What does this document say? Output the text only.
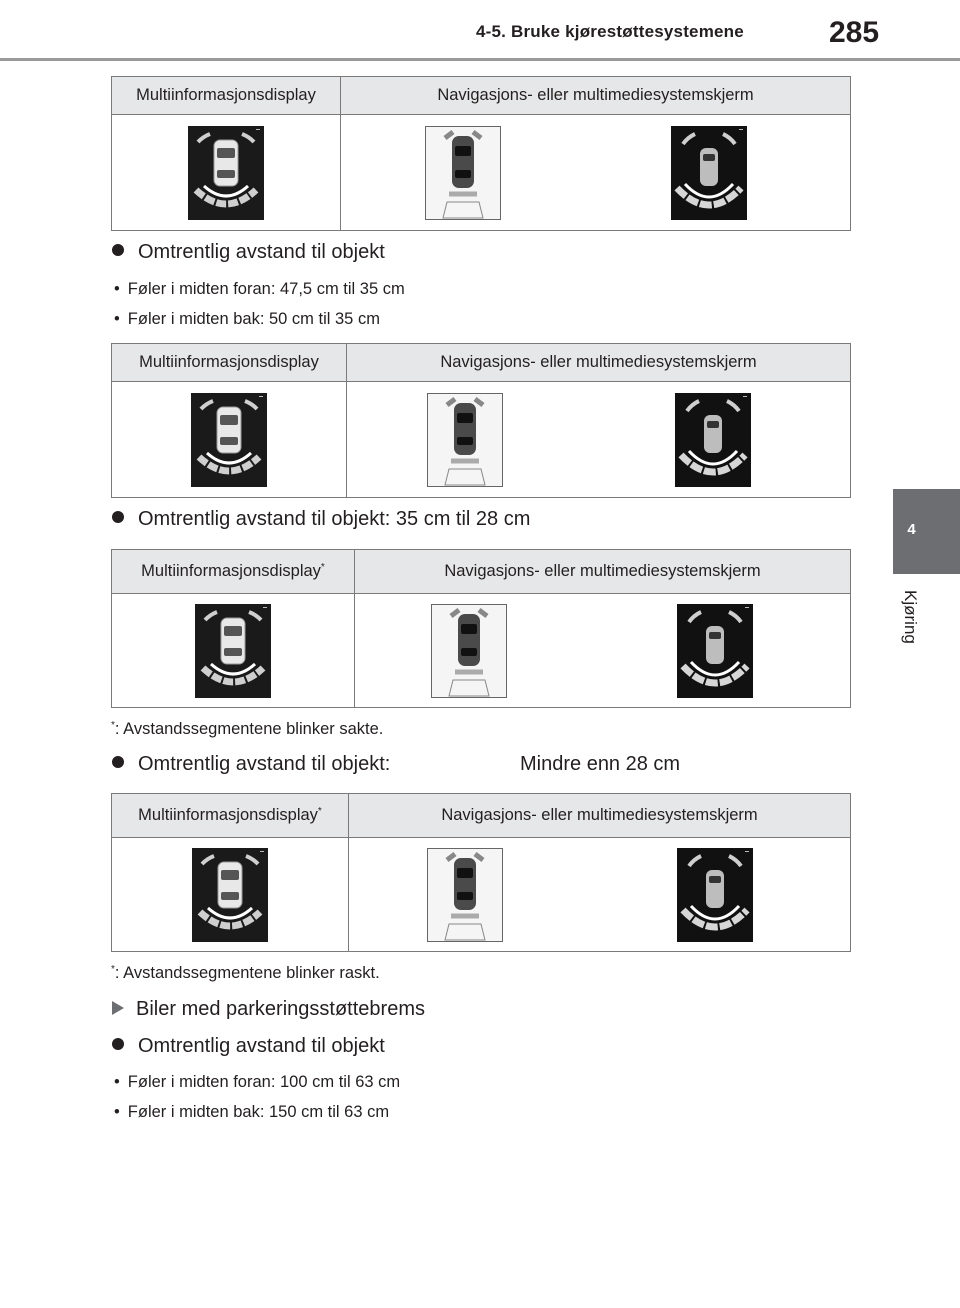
4-5. Bruke kjørestøttesystemene	285
4
Kjøring
Multiinformasjonsdisplay	Navigasjons- eller multimediesystemskjerm

Omtrentlig avstand til objekt
• Føler i midten foran: 47,5 cm til 35 cm
• Føler i midten bak: 50 cm til 35 cm
Multiinformasjonsdisplay	Navigasjons- eller multimediesystemskjerm

Omtrentlig avstand til objekt: 35 cm til 28 cm
Multiinformasjonsdisplay*	Navigasjons- eller multimediesystemskjerm

*: Avstandssegmentene blinker sakte.
Omtrentlig avstand til objekt:	Mindre enn 28 cm
Multiinformasjonsdisplay*	Navigasjons- eller multimediesystemskjerm

*: Avstandssegmentene blinker raskt.
Biler med parkeringsstøttebrems
Omtrentlig avstand til objekt
• Føler i midten foran: 100 cm til 63 cm
• Føler i midten bak: 150 cm til 63 cm
